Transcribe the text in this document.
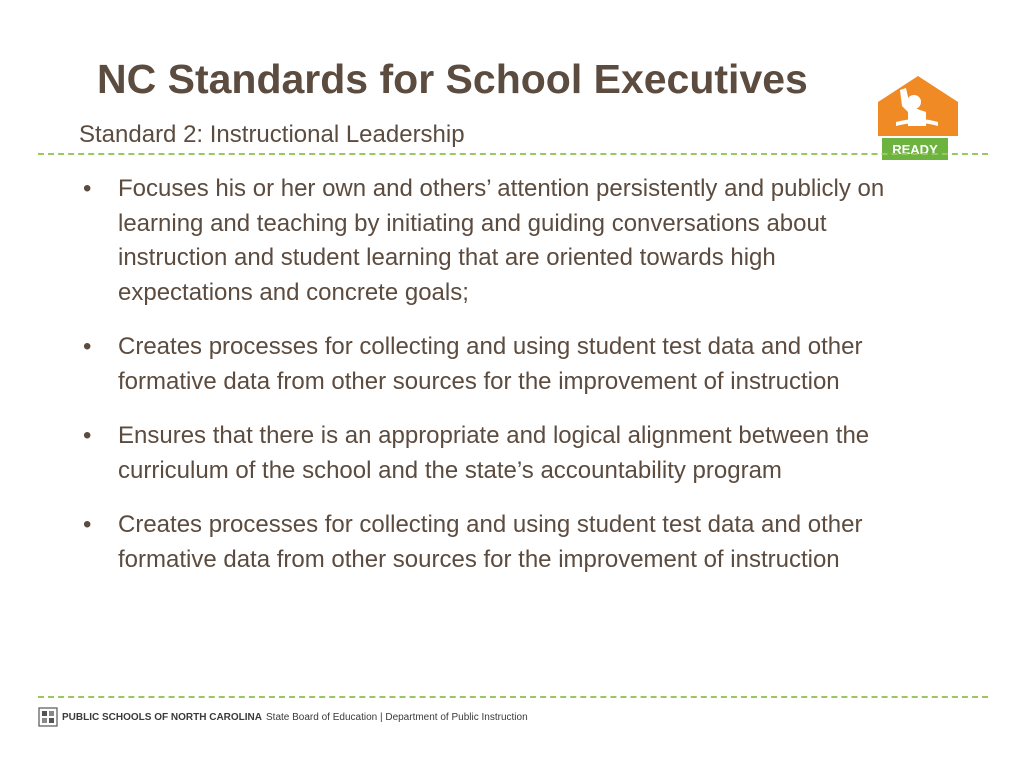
NC Standards for School Executives
READY
Standard 2: Instructional Leadership
• Focuses his or her own and others’ attention persistently and publicly on learning and teaching by initiating and guiding conversations about instruction and student learning that are oriented towards high expectations and concrete goals;
• Creates processes for collecting and using student test data and other formative data from other sources for the improvement of instruction
• Ensures that there is an appropriate and logical alignment between the curriculum of the school and the state’s accountability program
• Creates processes for collecting and using student test data and other formative data from other sources for the improvement of instruction
PUBLIC SCHOOLS OF NORTH CAROLINA State Board of Education | Department of Public Instruction
